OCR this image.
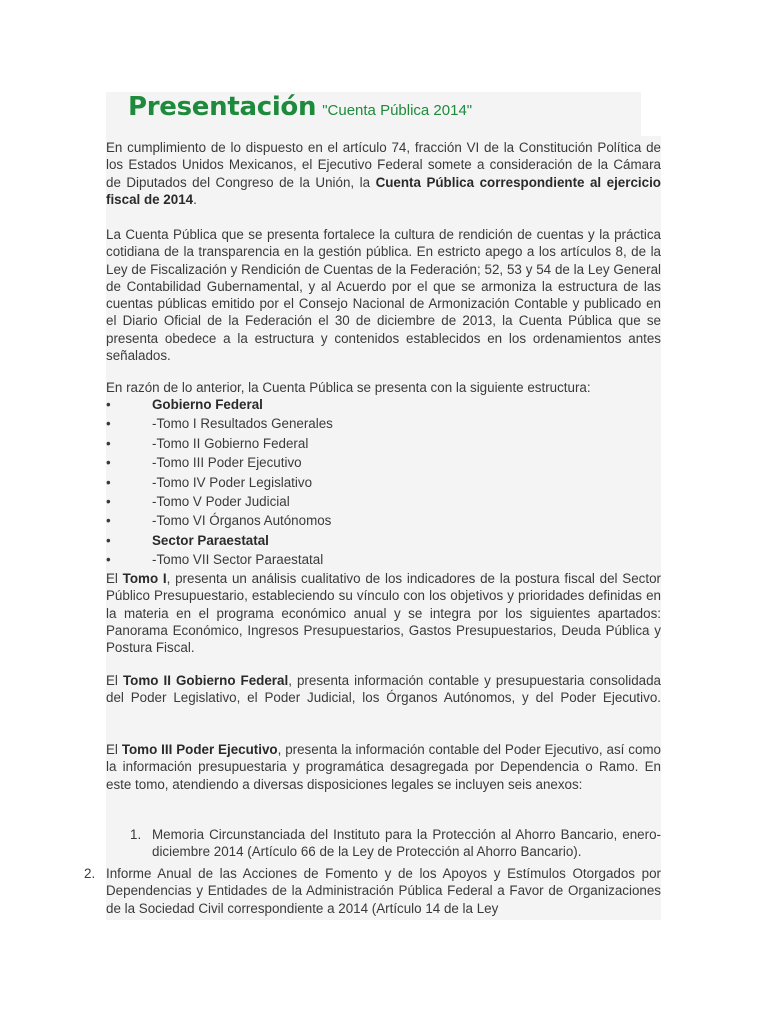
Presentación "Cuenta Pública 2014"

En cumplimiento de lo dispuesto en el artículo 74, fracción VI de la Constitución Política de los Estados Unidos Mexicanos, el Ejecutivo Federal somete a consideración de la Cámara de Diputados del Congreso de la Unión, la Cuenta Pública correspondiente al ejercicio fiscal de 2014.

La Cuenta Pública que se presenta fortalece la cultura de rendición de cuentas y la práctica cotidiana de la transparencia en la gestión pública. En estricto apego a los artículos 8, de la Ley de Fiscalización y Rendición de Cuentas de la Federación; 52, 53 y 54 de la Ley General de Contabilidad Gubernamental, y al Acuerdo por el que se armoniza la estructura de las cuentas públicas emitido por el Consejo Nacional de Armonización Contable y publicado en el Diario Oficial de la Federación el 30 de diciembre de 2013, la Cuenta Pública que se presenta obedece a la estructura y contenidos establecidos en los ordenamientos antes señalados.

En razón de lo anterior, la Cuenta Pública se presenta con la siguiente estructura:

•	Gobierno Federal
•	-Tomo I Resultados Generales
•	-Tomo II Gobierno Federal
•	-Tomo III Poder Ejecutivo
•	-Tomo IV Poder Legislativo
•	-Tomo V Poder Judicial
•	-Tomo VI Órganos Autónomos
•	Sector Paraestatal
•	-Tomo VII Sector Paraestatal

El Tomo I, presenta un análisis cualitativo de los indicadores de la postura fiscal del Sector Público Presupuestario, estableciendo su vínculo con los objetivos y prioridades definidas en la materia en el programa económico anual y se integra por los siguientes apartados: Panorama Económico, Ingresos Presupuestarios, Gastos Presupuestarios, Deuda Pública y Postura Fiscal.

El Tomo II Gobierno Federal, presenta información contable y presupuestaria consolidada del Poder Legislativo, el Poder Judicial, los Órganos Autónomos, y del Poder Ejecutivo.

El Tomo III Poder Ejecutivo, presenta la información contable del Poder Ejecutivo, así como la información presupuestaria y programática desagregada por Dependencia o Ramo. En este tomo, atendiendo a diversas disposiciones legales se incluyen seis anexos:

1. Memoria Circunstanciada del Instituto para la Protección al Ahorro Bancario, enero-diciembre 2014 (Artículo 66 de la Ley de Protección al Ahorro Bancario).
2. Informe Anual de las Acciones de Fomento y de los Apoyos y Estímulos Otorgados por Dependencias y Entidades de la Administración Pública Federal a Favor de Organizaciones de la Sociedad Civil correspondiente a 2014 (Artículo 14 de la Ley
